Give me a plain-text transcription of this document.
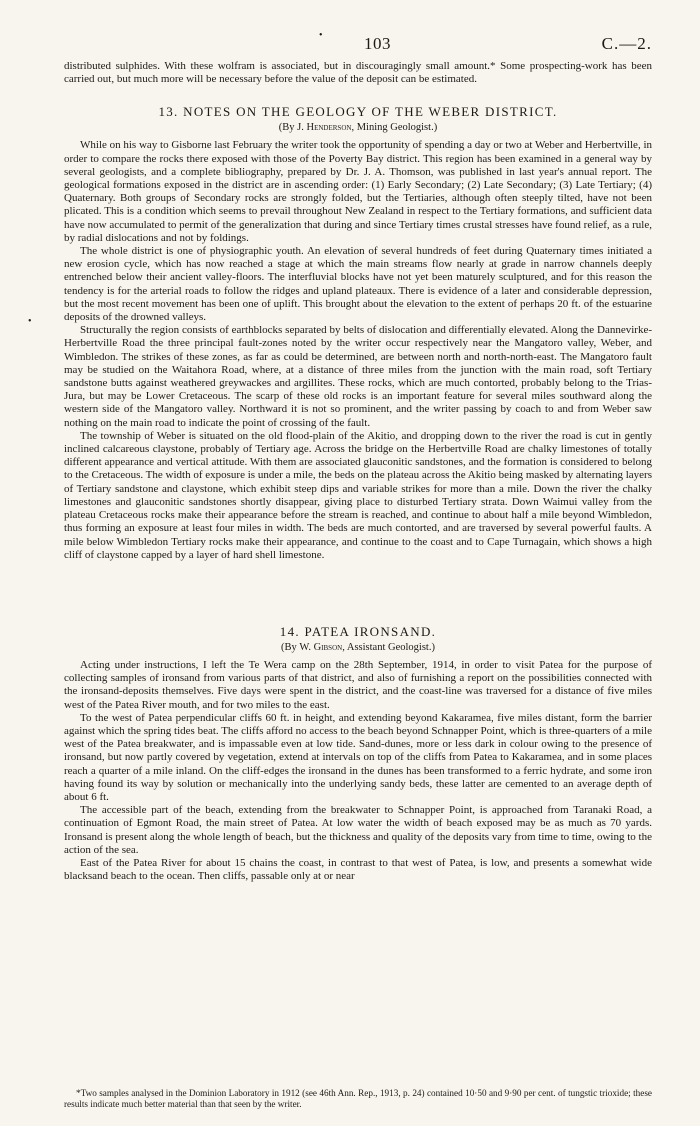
• 103	C.—2.

distributed sulphides. With these wolfram is associated, but in discouragingly small amount.* Some prospecting-work has been carried out, but much more will be necessary before the value of the deposit can be estimated.

13. NOTES ON THE GEOLOGY OF THE WEBER DISTRICT.
(By J. Henderson, Mining Geologist.)

While on his way to Gisborne last February the writer took the opportunity of spending a day or two at Weber and Herbertville, in order to compare the rocks there exposed with those of the Poverty Bay district. This region has been examined in a general way by several geologists, and a complete bibliography, prepared by Dr. J. A. Thomson, was published in last year's annual report. The geological formations exposed in the district are in ascending order: (1) Early Secondary; (2) Late Secondary; (3) Late Tertiary; (4) Quaternary. Both groups of Secondary rocks are strongly folded, but the Tertiaries, although often steeply tilted, have not been plicated. This is a condition which seems to prevail throughout New Zealand in respect to the Tertiary formations, and sufficient data have now accumulated to permit of the generalization that during and since Tertiary times crustal stresses have found relief, as a rule, by radial dislocations and not by foldings.

The whole district is one of physiographic youth. An elevation of several hundreds of feet during Quaternary times initiated a new erosion cycle, which has now reached a stage at which the main streams flow nearly at grade in narrow channels deeply entrenched below their ancient valley-floors. The interfluvial blocks have not yet been maturely sculptured, and for this reason the tendency is for the arterial roads to follow the ridges and upland plateaux. There is evidence of a later and considerable depression, but the most recent movement has been one of uplift. This brought about the elevation to the extent of perhaps 20 ft. of the estuarine deposits of the drowned valleys.

Structurally the region consists of earthblocks separated by belts of dislocation and differentially elevated. Along the Dannevirke-Herbertville Road the three principal fault-zones noted by the writer occur respectively near the Mangatoro valley, Weber, and Wimbledon. The strikes of these zones, as far as could be determined, are between north and north-north-east. The Mangatoro fault may be studied on the Waitahora Road, where, at a distance of three miles from the junction with the main road, soft Tertiary sandstone butts against weathered greywackes and argillites. These rocks, which are much contorted, probably belong to the Trias-Jura, but may be Lower Cretaceous. The scarp of these old rocks is an important feature for several miles southward along the western side of the Mangatoro valley. Northward it is not so prominent, and the writer passing by coach to and from Weber saw nothing on the main road to indicate the point of crossing of the fault.

The township of Weber is situated on the old flood-plain of the Akitio, and dropping down to the river the road is cut in gently inclined calcareous claystone, probably of Tertiary age. Across the bridge on the Herbertville Road are chalky limestones of totally different appearance and vertical attitude. With them are associated glauconitic sandstones, and the formation is considered to belong to the Cretaceous. The width of exposure is under a mile, the beds on the plateau across the Akitio being masked by alternating layers of Tertiary sandstone and claystone, which exhibit steep dips and variable strikes for more than a mile. Down the river the chalky limestones and glauconitic sandstones shortly disappear, giving place to disturbed Tertiary strata. Down Waimui valley from the plateau Cretaceous rocks make their appearance before the stream is reached, and continue to about half a mile beyond Wimbledon, thus forming an exposure at least four miles in width. The beds are much contorted, and are traversed by several powerful faults. A mile below Wimbledon Tertiary rocks make their appearance, and continue to the coast and to Cape Turnagain, which shows a high cliff of claystone capped by a layer of hard shell limestone.

14. PATEA IRONSAND.
(By W. Gibson, Assistant Geologist.)

Acting under instructions, I left the Te Wera camp on the 28th September, 1914, in order to visit Patea for the purpose of collecting samples of ironsand from various parts of that district, and also of furnishing a report on the possibilities connected with the ironsand-deposits themselves. Five days were spent in the district, and the coast-line was traversed for a distance of five miles west of the Patea River mouth, and for two miles to the east.

To the west of Patea perpendicular cliffs 60 ft. in height, and extending beyond Kakaramea, five miles distant, form the barrier against which the spring tides beat. The cliffs afford no access to the beach beyond Schnapper Point, which is three-quarters of a mile west of the Patea breakwater, and is impassable even at low tide. Sand-dunes, more or less dark in colour owing to the presence of ironsand, but now partly covered by vegetation, extend at intervals on top of the cliffs from Patea to Kakaramea, and in some places reach a quarter of a mile inland. On the cliff-edges the ironsand in the dunes has been transformed to a ferric hydrate, and some iron having found its way by solution or mechanically into the underlying sandy beds, these latter are cemented to an average depth of about 6 ft.

The accessible part of the beach, extending from the breakwater to Schnapper Point, is approached from Taranaki Road, a continuation of Egmont Road, the main street of Patea. At low water the width of beach exposed may be as much as 70 yards. Ironsand is present along the whole length of beach, but the thickness and quality of the deposits vary from time to time, owing to the action of the sea.

East of the Patea River for about 15 chains the coast, in contrast to that west of Patea, is low, and presents a somewhat wide blacksand beach to the ocean. Then cliffs, passable only at or near

•

*Two samples analysed in the Dominion Laboratory in 1912 (see 46th Ann. Rep., 1913, p. 24) contained 10·50 and 9·90 per cent. of tungstic trioxide; these results indicate much better material than that seen by the writer.
